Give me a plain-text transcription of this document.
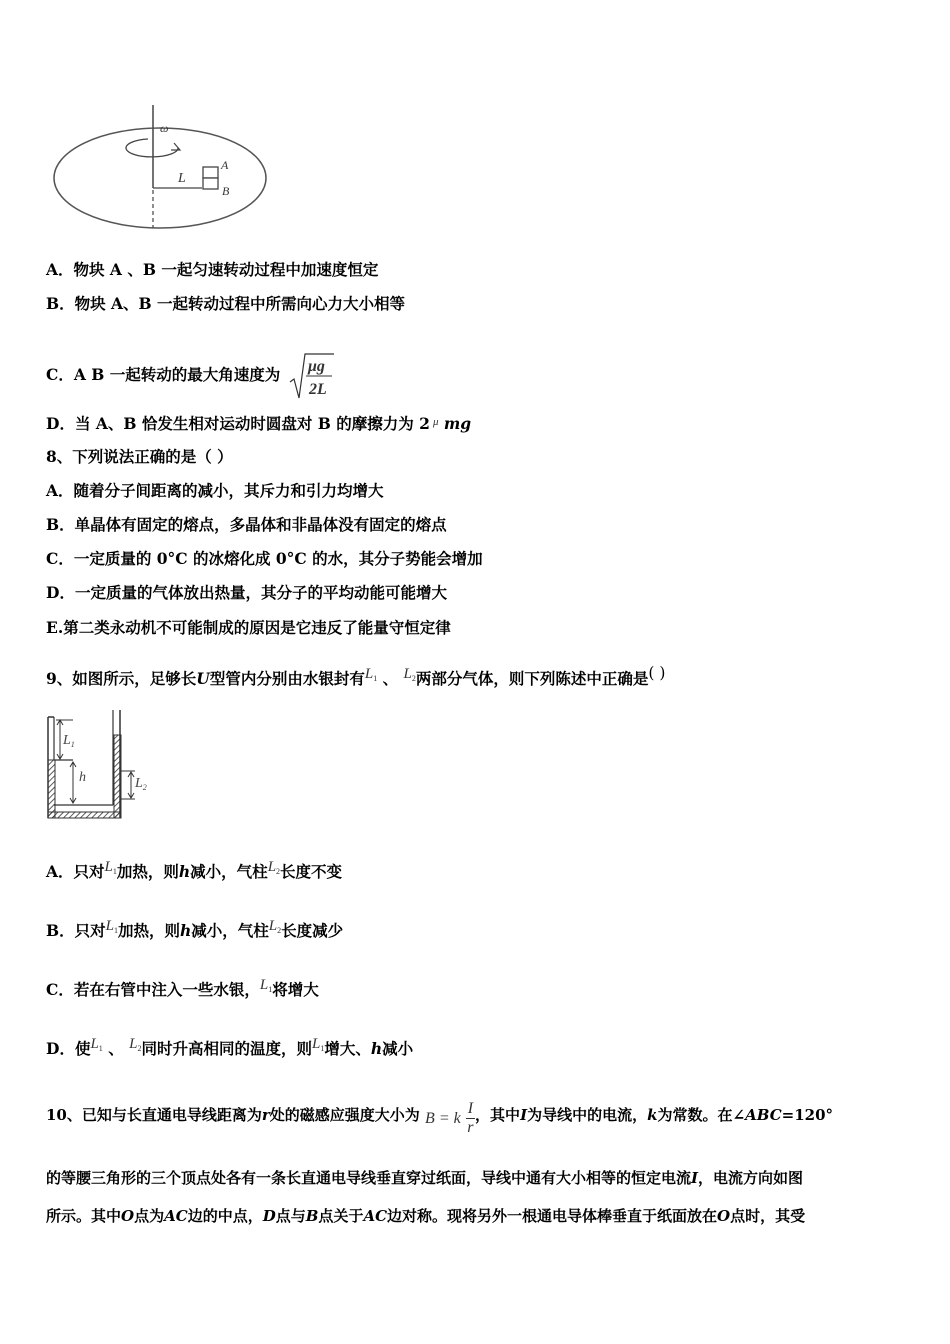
ω
L
A
B
A．物块 A 、B 一起匀速转动过程中加速度恒定
B．物块 A、B 一起转动过程中所需向心力大小相等
C．A B 一起转动的最大角速度为 μg
2L
D．当 A、B 恰发生相对运动时圆盘对 B 的摩擦力为 2 $^\mu$ mg
8、下列说法正确的是（ ）
A．随着分子间距离的减小，其斥力和引力均增大
B．单晶体有固定的熔点，多晶体和非晶体没有固定的熔点
C．一定质量的 0°C 的冰熔化成 0°C 的水，其分子势能会增加
D．一定质量的气体放出热量，其分子的平均动能可能增大
E.第二类永动机不可能制成的原因是它违反了能量守恒定律
9、如图所示，足够长U型管内分别由水银封有$L_1$ 、 $L_2$两部分气体，则下列陈述中正确是( )
$L_1$
h	$L_2$
A．只对$L_1$加热，则h减小，气柱$L_2$长度不变
B．只对$L_1$加热，则h减小，气柱$L_2$长度减少
C．若在右管中注入一些水银，$L_1$将增大
D．使$L_1$ 、 $L_2$同时升高相同的温度，则$L_1$增大、h减小
10、已知与长直通电导线距离为r处的磁感应强度大小为 B = k $\frac{I}{r}$ ，其中I为导线中的电流，k为常数。在∠ABC=120°
的等腰三角形的三个顶点处各有一条长直通电导线垂直穿过纸面，导线中通有大小相等的恒定电流I，电流方向如图
所示。其中O点为AC边的中点，D点与B点关于AC边对称。现将另外一根通电导体棒垂直于纸面放在O点时，其受
